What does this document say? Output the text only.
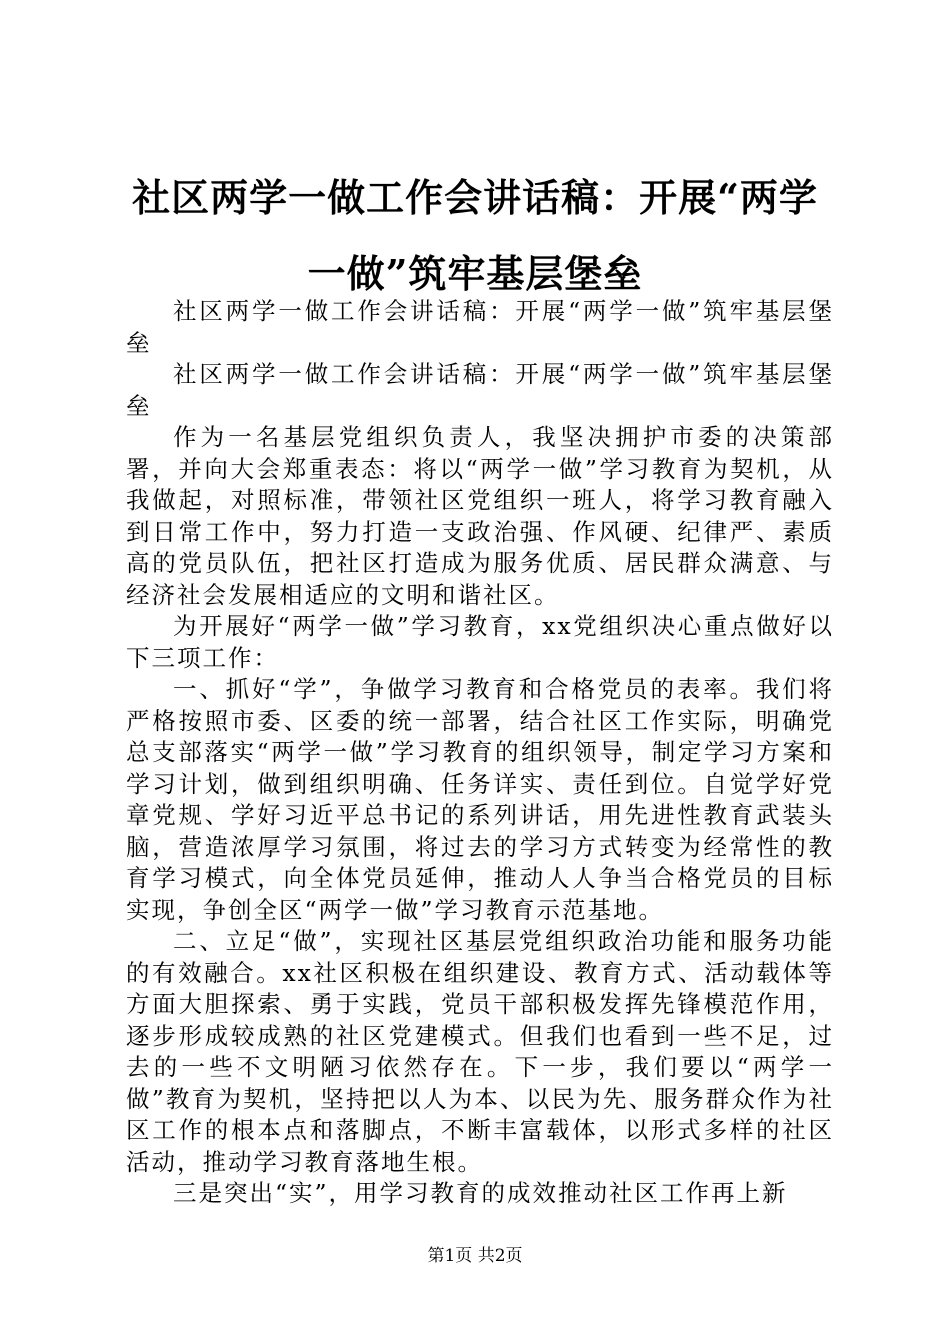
社区两学一做工作会讲话稿：开展“两学一做”筑牢基层堡垒

社区两学一做工作会讲话稿：开展“两学一做”筑牢基层堡垒

社区两学一做工作会讲话稿：开展“两学一做”筑牢基层堡垒

作为一名基层党组织负责人，我坚决拥护市委的决策部署，并向大会郑重表态：将以“两学一做”学习教育为契机，从我做起，对照标准，带领社区党组织一班人，将学习教育融入到日常工作中，努力打造一支政治强、作风硬、纪律严、素质高的党员队伍，把社区打造成为服务优质、居民群众满意、与经济社会发展相适应的文明和谐社区。

为开展好“两学一做”学习教育，xx党组织决心重点做好以下三项工作：

一、抓好“学”，争做学习教育和合格党员的表率。我们将严格按照市委、区委的统一部署，结合社区工作实际，明确党总支部落实“两学一做”学习教育的组织领导，制定学习方案和学习计划，做到组织明确、任务详实、责任到位。自觉学好党章党规、学好习近平总书记的系列讲话，用先进性教育武装头脑，营造浓厚学习氛围，将过去的学习方式转变为经常性的教育学习模式，向全体党员延伸，推动人人争当合格党员的目标实现，争创全区“两学一做”学习教育示范基地。

二、立足“做”，实现社区基层党组织政治功能和服务功能的有效融合。xx社区积极在组织建设、教育方式、活动载体等方面大胆探索、勇于实践，党员干部积极发挥先锋模范作用，逐步形成较成熟的社区党建模式。但我们也看到一些不足，过去的一些不文明陋习依然存在。下一步，我们要以“两学一做”教育为契机，坚持把以人为本、以民为先、服务群众作为社区工作的根本点和落脚点，不断丰富载体，以形式多样的社区活动，推动学习教育落地生根。

三是突出“实”，用学习教育的成效推动社区工作再上新

第1页 共2页
